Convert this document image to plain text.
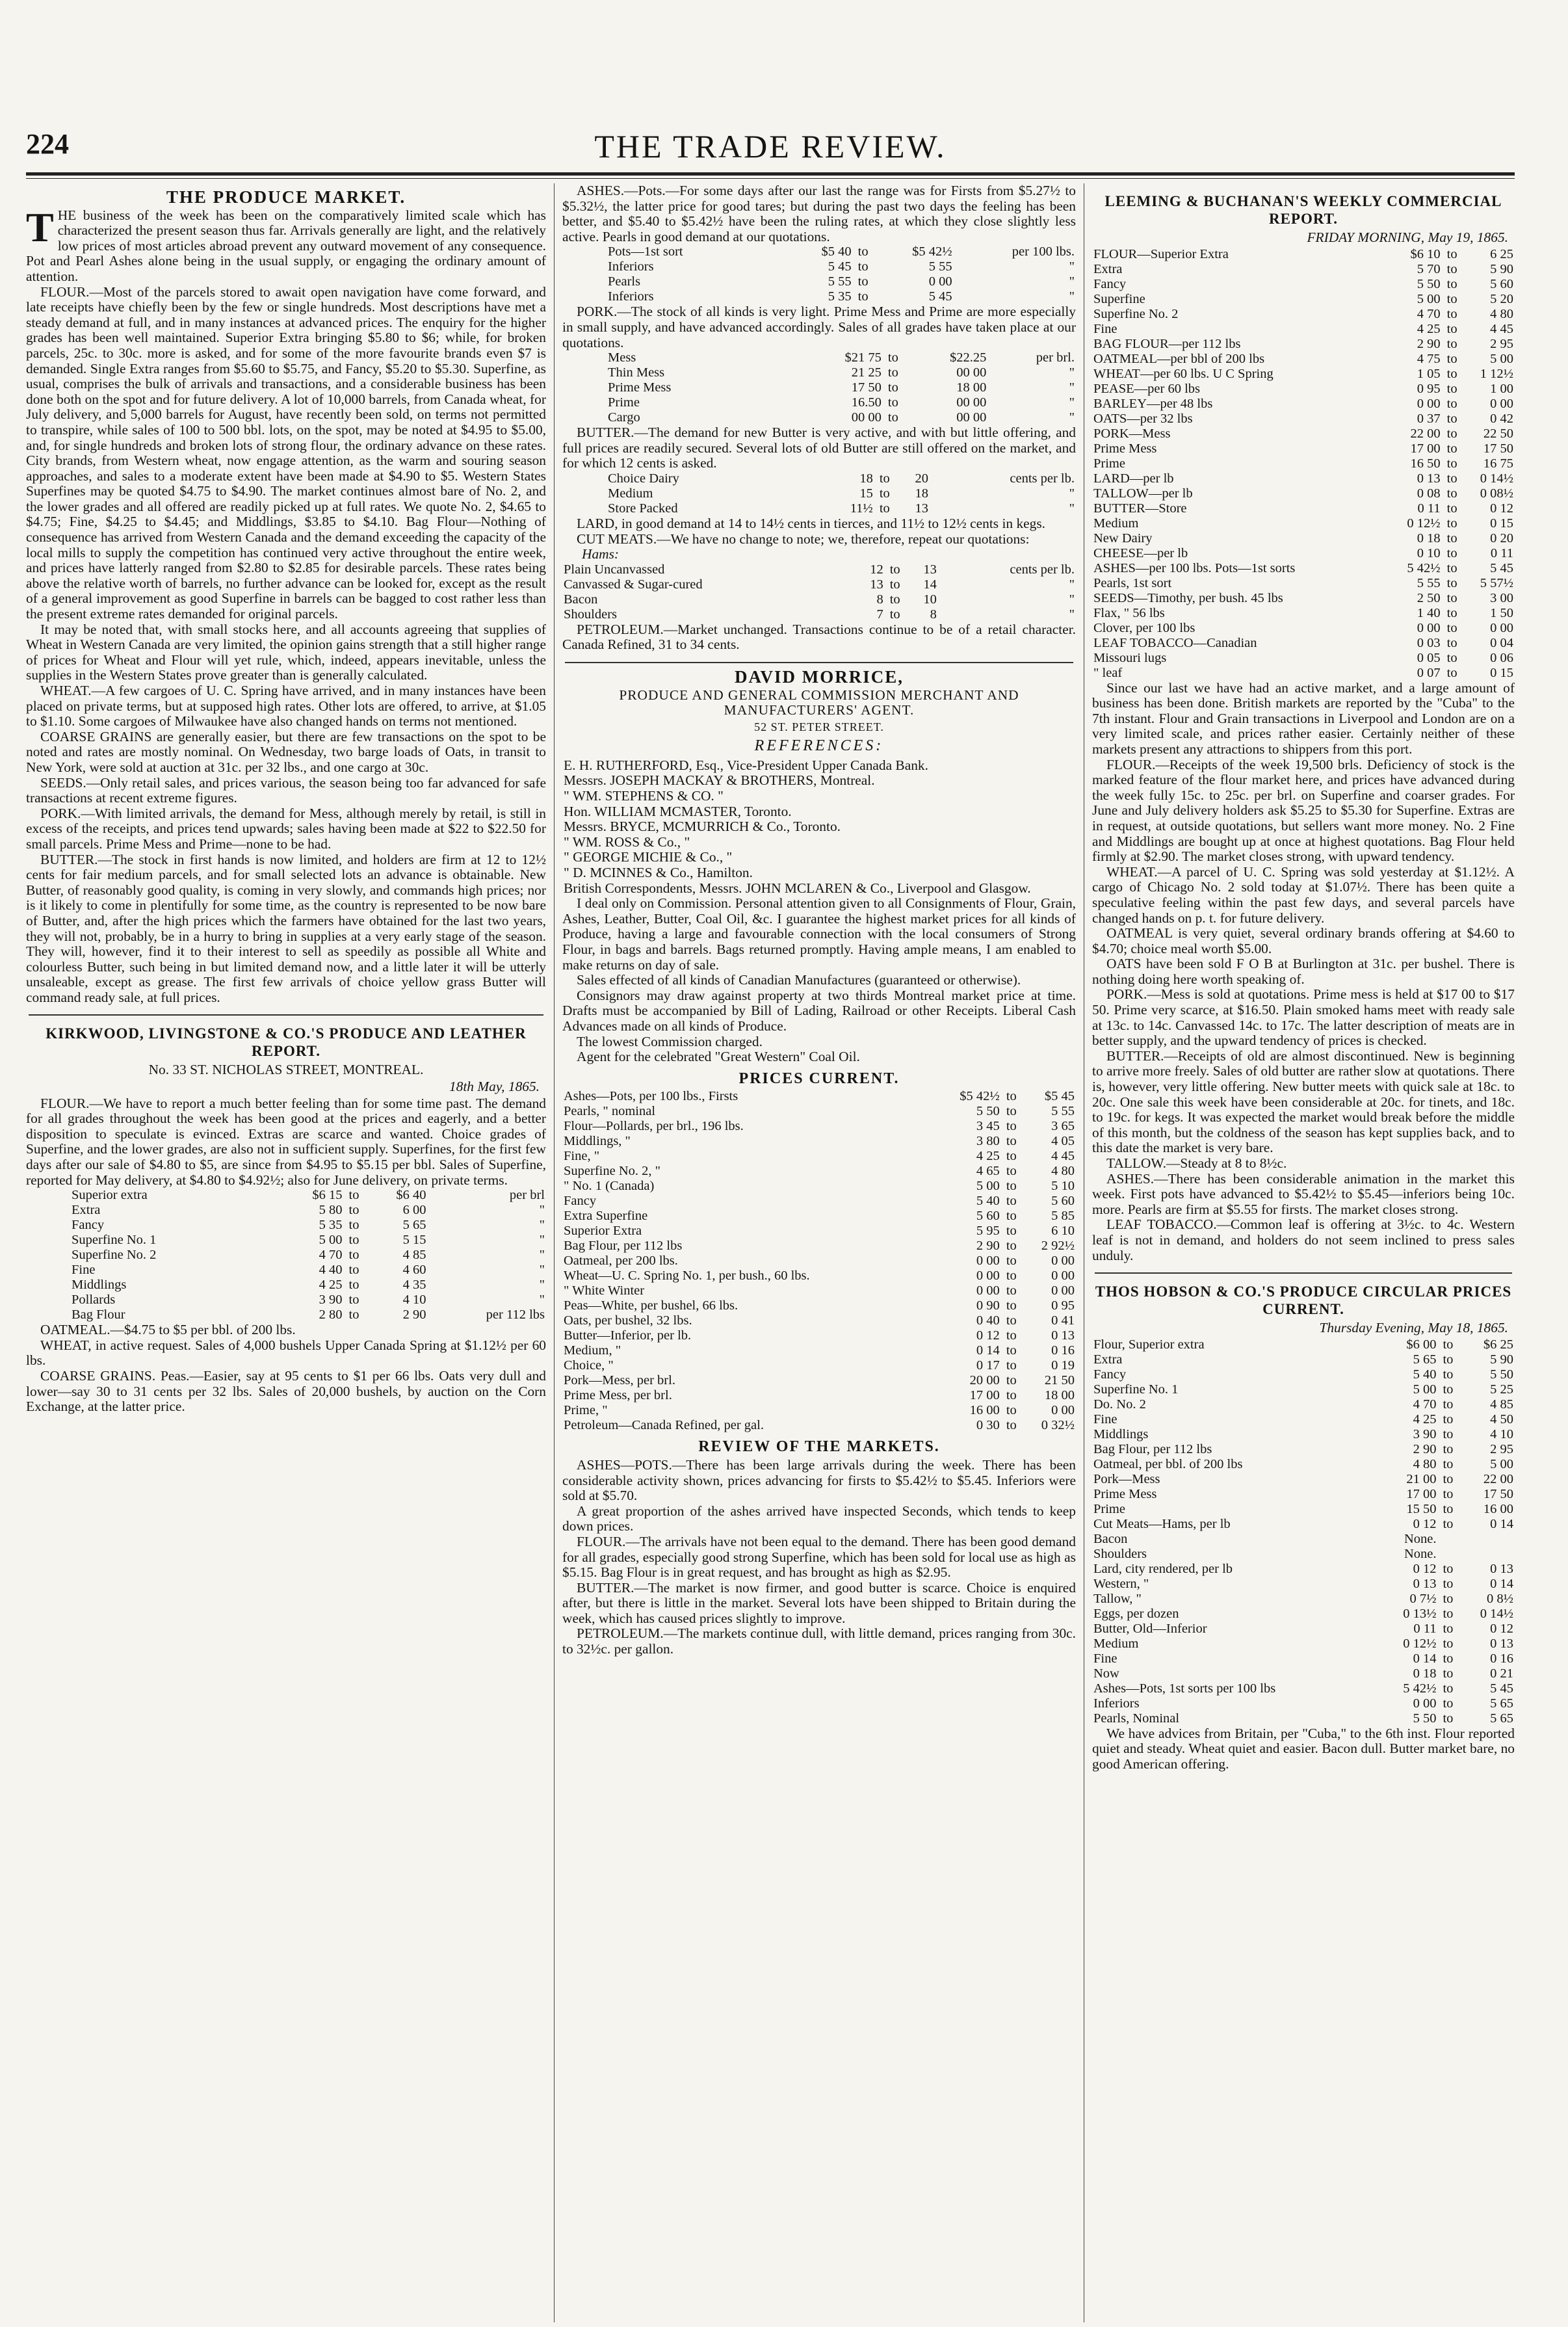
224	THE TRADE REVIEW.
THE PRODUCE MARKET.

THE business of the week has been on the comparatively limited scale which has characterized the present season thus far. Arrivals generally are light, and the relatively low prices of most articles abroad prevent any outward movement of any consequence. Pot and Pearl Ashes alone being in the usual supply, or engaging the ordinary amount of attention.

FLOUR.—Most of the parcels stored to await open navigation have come forward, and late receipts have chiefly been by the few or single hundreds. Most descriptions have met a steady demand at full, and in many instances at advanced prices. The enquiry for the higher grades has been well maintained. Superior Extra bringing $5.80 to $6; while, for broken parcels, 25c. to 30c. more is asked, and for some of the more favourite brands even $7 is demanded. Single Extra ranges from $5.60 to $5.75, and Fancy, $5.20 to $5.30. Superfine, as usual, comprises the bulk of arrivals and transactions, and a considerable business has been done both on the spot and for future delivery. A lot of 10,000 barrels, from Canada wheat, for July delivery, and 5,000 barrels for August, have recently been sold, on terms not permitted to transpire, while sales of 100 to 500 bbl. lots, on the spot, may be noted at $4.95 to $5.00, and, for single hundreds and broken lots of strong flour, the ordinary advance on these rates. City brands, from Western wheat, now engage attention, as the warm and souring season approaches, and sales to a moderate extent have been made at $4.90 to $5. Western States Superfines may be quoted $4.75 to $4.90. The market continues almost bare of No. 2, and the lower grades and all offered are readily picked up at full rates. We quote No. 2, $4.65 to $4.75; Fine, $4.25 to $4.45; and Middlings, $3.85 to $4.10. Bag Flour—Nothing of consequence has arrived from Western Canada and the demand exceeding the capacity of the local mills to supply the competition has continued very active throughout the entire week, and prices have latterly ranged from $2.80 to $2.85 for desirable parcels. These rates being above the relative worth of barrels, no further advance can be looked for, except as the result of a general improvement as good Superfine in barrels can be bagged to cost rather less than the present extreme rates demanded for original parcels.

It may be noted that, with small stocks here, and all accounts agreeing that supplies of Wheat in Western Canada are very limited, the opinion gains strength that a still higher range of prices for Wheat and Flour will yet rule, which, indeed, appears inevitable, unless the supplies in the Western States prove greater than is generally calculated.

WHEAT.—A few cargoes of U. C. Spring have arrived, and in many instances have been placed on private terms, but at supposed high rates. Other lots are offered, to arrive, at $1.05 to $1.10. Some cargoes of Milwaukee have also changed hands on terms not mentioned.

COARSE GRAINS are generally easier, but there are few transactions on the spot to be noted and rates are mostly nominal. On Wednesday, two barge loads of Oats, in transit to New York, were sold at auction at 31c. per 32 lbs., and one cargo at 30c.

SEEDS.—Only retail sales, and prices various, the season being too far advanced for safe transactions at recent extreme figures.

PORK.—With limited arrivals, the demand for Mess, although merely by retail, is still in excess of the receipts, and prices tend upwards; sales having been made at $22 to $22.50 for small parcels. Prime Mess and Prime—none to be had.

BUTTER.—The stock in first hands is now limited, and holders are firm at 12 to 12½ cents for fair medium parcels, and for small selected lots an advance is obtainable. New Butter, of reasonably good quality, is coming in very slowly, and commands high prices; nor is it likely to come in plentifully for some time, as the country is represented to be now bare of Butter, and, after the high prices which the farmers have obtained for the last two years, they will not, probably, be in a hurry to bring in supplies at a very early stage of the season. They will, however, find it to their interest to sell as speedily as possible all White and colourless Butter, such being in but limited demand now, and a little later it will be utterly unsaleable, except as grease. The first few arrivals of choice yellow grass Butter will command ready sale, at full prices.

KIRKWOOD, LIVINGSTONE & CO.'S PRODUCE AND LEATHER REPORT.
No. 33 ST. NICHOLAS STREET, MONTREAL.
18th May, 1865.

FLOUR.—We have to report a much better feeling than for some time past. The demand for all grades throughout the week has been good at the prices and eagerly, and a better disposition to speculate is evinced. Extras are scarce and wanted. Choice grades of Superfine, and the lower grades, are also not in sufficient supply. Superfines, for the first few days after our sale of $4.80 to $5, are since from $4.95 to $5.15 per bbl. Sales of Superfine, reported for May delivery, at $4.80 to $4.92½; also for June delivery, on private terms.

Superior extra	$6 15	to	$6 40	per brl
Extra	5 80	to	6 00	"
Fancy	5 35	to	5 65	"
Superfine No. 1	5 00	to	5 15	"
Superfine No. 2	4 70	to	4 85	"
Fine	4 40	to	4 60	"
Middlings	4 25	to	4 35	"
Pollards	3 90	to	4 10	"
Bag Flour	2 80	to	2 90	per 112 lbs

OATMEAL.—$4.75 to $5 per bbl. of 200 lbs.

WHEAT, in active request. Sales of 4,000 bushels Upper Canada Spring at $1.12½ per 60 lbs.

COARSE GRAINS. Peas.—Easier, say at 95 cents to $1 per 66 lbs. Oats very dull and lower—say 30 to 31 cents per 32 lbs. Sales of 20,000 bushels, by auction on the Corn Exchange, at the latter price.

ASHES.—Pots.—For some days after our last the range was for Firsts from $5.27½ to $5.32½, the latter price for good tares; but during the past two days the feeling has been better, and $5.40 to $5.42½ have been the ruling rates, at which they close slightly less active. Pearls in good demand at our quotations.

Pots—1st sort	$5 40	to	$5 42½	per 100 lbs.
Inferiors	5 45	to	5 55	"
Pearls	5 55	to	0 00	"
Inferiors	5 35	to	5 45	"

PORK.—The stock of all kinds is very light. Prime Mess and Prime are more especially in small supply, and have advanced accordingly. Sales of all grades have taken place at our quotations.

Mess	$21 75	to	$22.25	per brl.
Thin Mess	21 25	to	00 00	"
Prime Mess	17 50	to	18 00	"
Prime	16.50	to	00 00	"
Cargo	00 00	to	00 00	"

BUTTER.—The demand for new Butter is very active, and with but little offering, and full prices are readily secured. Several lots of old Butter are still offered on the market, and for which 12 cents is asked.

Choice Dairy	18	to	20	cents per lb.
Medium	15	to	18	"
Store Packed	11½	to	13	"

LARD, in good demand at 14 to 14½ cents in tierces, and 11½ to 12½ cents in kegs.

CUT MEATS.—We have no change to note; we, therefore, repeat our quotations:

Hams:

Plain Uncanvassed	12	to	13	cents per lb.
Canvassed & Sugar-cured	13	to	14	"
Bacon	8	to	10	"
Shoulders	7	to	8	"

PETROLEUM.—Market unchanged. Transactions continue to be of a retail character. Canada Refined, 31 to 34 cents.

DAVID MORRICE,
PRODUCE AND GENERAL COMMISSION MERCHANT AND MANUFACTURERS' AGENT.
52 ST. PETER STREET.
REFERENCES:

E. H. RUTHERFORD, Esq., Vice-President Upper Canada Bank.

Messrs. JOSEPH MACKAY & BROTHERS, Montreal.

" WM. STEPHENS & CO. "

Hon. WILLIAM MCMASTER, Toronto.

Messrs. BRYCE, MCMURRICH & Co., Toronto.

" WM. ROSS & Co., "

" GEORGE MICHIE & Co., "

" D. MCINNES & Co., Hamilton.

British Correspondents, Messrs. JOHN MCLAREN & Co., Liverpool and Glasgow.

I deal only on Commission. Personal attention given to all Consignments of Flour, Grain, Ashes, Leather, Butter, Coal Oil, &c. I guarantee the highest market prices for all kinds of Produce, having a large and favourable connection with the local consumers of Strong Flour, in bags and barrels. Bags returned promptly. Having ample means, I am enabled to make returns on day of sale.

Sales effected of all kinds of Canadian Manufactures (guaranteed or otherwise).

Consignors may draw against property at two thirds Montreal market price at time. Drafts must be accompanied by Bill of Lading, Railroad or other Receipts. Liberal Cash Advances made on all kinds of Produce.

The lowest Commission charged.

Agent for the celebrated "Great Western" Coal Oil.

PRICES CURRENT.
Ashes—Pots, per 100 lbs., Firsts	$5 42½	to	$5 45
Pearls, " nominal	5 50	to	5 55
Flour—Pollards, per brl., 196 lbs.	3 45	to	3 65
Middlings, "	3 80	to	4 05
Fine, "	4 25	to	4 45
Superfine No. 2, "	4 65	to	4 80
" No. 1 (Canada)	5 00	to	5 10
Fancy	5 40	to	5 60
Extra Superfine	5 60	to	5 85
Superior Extra	5 95	to	6 10
Bag Flour, per 112 lbs	2 90	to	2 92½
Oatmeal, per 200 lbs.	0 00	to	0 00
Wheat—U. C. Spring No. 1, per bush., 60 lbs.	0 00	to	0 00
" White Winter	0 00	to	0 00
Peas—White, per bushel, 66 lbs.	0 90	to	0 95
Oats, per bushel, 32 lbs.	0 40	to	0 41
Butter—Inferior, per lb.	0 12	to	0 13
Medium, "	0 14	to	0 16
Choice, "	0 17	to	0 19
Pork—Mess, per brl.	20 00	to	21 50
Prime Mess, per brl.	17 00	to	18 00
Prime, "	16 00	to	0 00
Petroleum—Canada Refined, per gal.	0 30	to	0 32½
REVIEW OF THE MARKETS.

ASHES—POTS.—There has been large arrivals during the week. There has been considerable activity shown, prices advancing for firsts to $5.42½ to $5.45. Inferiors were sold at $5.70.

A great proportion of the ashes arrived have inspected Seconds, which tends to keep down prices.

FLOUR.—The arrivals have not been equal to the demand. There has been good demand for all grades, especially good strong Superfine, which has been sold for local use as high as $5.15. Bag Flour is in great request, and has brought as high as $2.95.

BUTTER.—The market is now firmer, and good butter is scarce. Choice is enquired after, but there is little in the market. Several lots have been shipped to Britain during the week, which has caused prices slightly to improve.

PETROLEUM.—The markets continue dull, with little demand, prices ranging from 30c. to 32½c. per gallon.

LEEMING & BUCHANAN'S WEEKLY COMMERCIAL REPORT.
FRIDAY MORNING, May 19, 1865.
FLOUR—Superior Extra	$6 10	to	6 25
Extra	5 70	to	5 90
Fancy	5 50	to	5 60
Superfine	5 00	to	5 20
Superfine No. 2	4 70	to	4 80
Fine	4 25	to	4 45
BAG FLOUR—per 112 lbs	2 90	to	2 95
OATMEAL—per bbl of 200 lbs	4 75	to	5 00
WHEAT—per 60 lbs. U C Spring	1 05	to	1 12½
PEASE—per 60 lbs	0 95	to	1 00
BARLEY—per 48 lbs	0 00	to	0 00
OATS—per 32 lbs	0 37	to	0 42
PORK—Mess	22 00	to	22 50
Prime Mess	17 00	to	17 50
Prime	16 50	to	16 75
LARD—per lb	0 13	to	0 14½
TALLOW—per lb	0 08	to	0 08½
BUTTER—Store	0 11	to	0 12
Medium	0 12½	to	0 15
New Dairy	0 18	to	0 20
CHEESE—per lb	0 10	to	0 11
ASHES—per 100 lbs. Pots—1st sorts	5 42½	to	5 45
Pearls, 1st sort	5 55	to	5 57½
SEEDS—Timothy, per bush. 45 lbs	2 50	to	3 00
Flax, " 56 lbs	1 40	to	1 50
Clover, per 100 lbs	0 00	to	0 00
LEAF TOBACCO—Canadian	0 03	to	0 04
Missouri lugs	0 05	to	0 06
" leaf	0 07	to	0 15

Since our last we have had an active market, and a large amount of business has been done. British markets are reported by the "Cuba" to the 7th instant. Flour and Grain transactions in Liverpool and London are on a very limited scale, and prices rather easier. Certainly neither of these markets present any attractions to shippers from this port.

FLOUR.—Receipts of the week 19,500 brls. Deficiency of stock is the marked feature of the flour market here, and prices have advanced during the week fully 15c. to 25c. per brl. on Superfine and coarser grades. For June and July delivery holders ask $5.25 to $5.30 for Superfine. Extras are in request, at outside quotations, but sellers want more money. No. 2 Fine and Middlings are bought up at once at highest quotations. Bag Flour held firmly at $2.90. The market closes strong, with upward tendency.

WHEAT.—A parcel of U. C. Spring was sold yesterday at $1.12½. A cargo of Chicago No. 2 sold today at $1.07½. There has been quite a speculative feeling within the past few days, and several parcels have changed hands on p. t. for future delivery.

OATMEAL is very quiet, several ordinary brands offering at $4.60 to $4.70; choice meal worth $5.00.

OATS have been sold F O B at Burlington at 31c. per bushel. There is nothing doing here worth speaking of.

PORK.—Mess is sold at quotations. Prime mess is held at $17 00 to $17 50. Prime very scarce, at $16.50. Plain smoked hams meet with ready sale at 13c. to 14c. Canvassed 14c. to 17c. The latter description of meats are in better supply, and the upward tendency of prices is checked.

BUTTER.—Receipts of old are almost discontinued. New is beginning to arrive more freely. Sales of old butter are rather slow at quotations. There is, however, very little offering. New butter meets with quick sale at 18c. to 20c. One sale this week have been considerable at 20c. for tinets, and 18c. to 19c. for kegs. It was expected the market would break before the middle of this month, but the coldness of the season has kept supplies back, and to this date the market is very bare.

TALLOW.—Steady at 8 to 8½c.

ASHES.—There has been considerable animation in the market this week. First pots have advanced to $5.42½ to $5.45—inferiors being 10c. more. Pearls are firm at $5.55 for firsts. The market closes strong.

LEAF TOBACCO.—Common leaf is offering at 3½c. to 4c. Western leaf is not in demand, and holders do not seem inclined to press sales unduly.

THOS HOBSON & CO.'S PRODUCE CIRCULAR PRICES CURRENT.
Thursday Evening, May 18, 1865.
Flour, Superior extra	$6 00	to	$6 25
Extra	5 65	to	5 90
Fancy	5 40	to	5 50
Superfine No. 1	5 00	to	5 25
Do. No. 2	4 70	to	4 85
Fine	4 25	to	4 50
Middlings	3 90	to	4 10
Bag Flour, per 112 lbs	2 90	to	2 95
Oatmeal, per bbl. of 200 lbs	4 80	to	5 00
Pork—Mess	21 00	to	22 00
Prime Mess	17 00	to	17 50
Prime	15 50	to	16 00
Cut Meats—Hams, per lb	0 12	to	0 14
Bacon	None.		
Shoulders	None.		
Lard, city rendered, per lb	0 12	to	0 13
Western, "	0 13	to	0 14
Tallow, "	0 7½	to	0 8½
Eggs, per dozen	0 13½	to	0 14½
Butter, Old—Inferior	0 11	to	0 12
Medium	0 12½	to	0 13
Fine	0 14	to	0 16
Now	0 18	to	0 21
Ashes—Pots, 1st sorts per 100 lbs	5 42½	to	5 45
Inferiors	0 00	to	5 65
Pearls, Nominal	5 50	to	5 65

We have advices from Britain, per "Cuba," to the 6th inst. Flour reported quiet and steady. Wheat quiet and easier. Bacon dull. Butter market bare, no good American offering.
